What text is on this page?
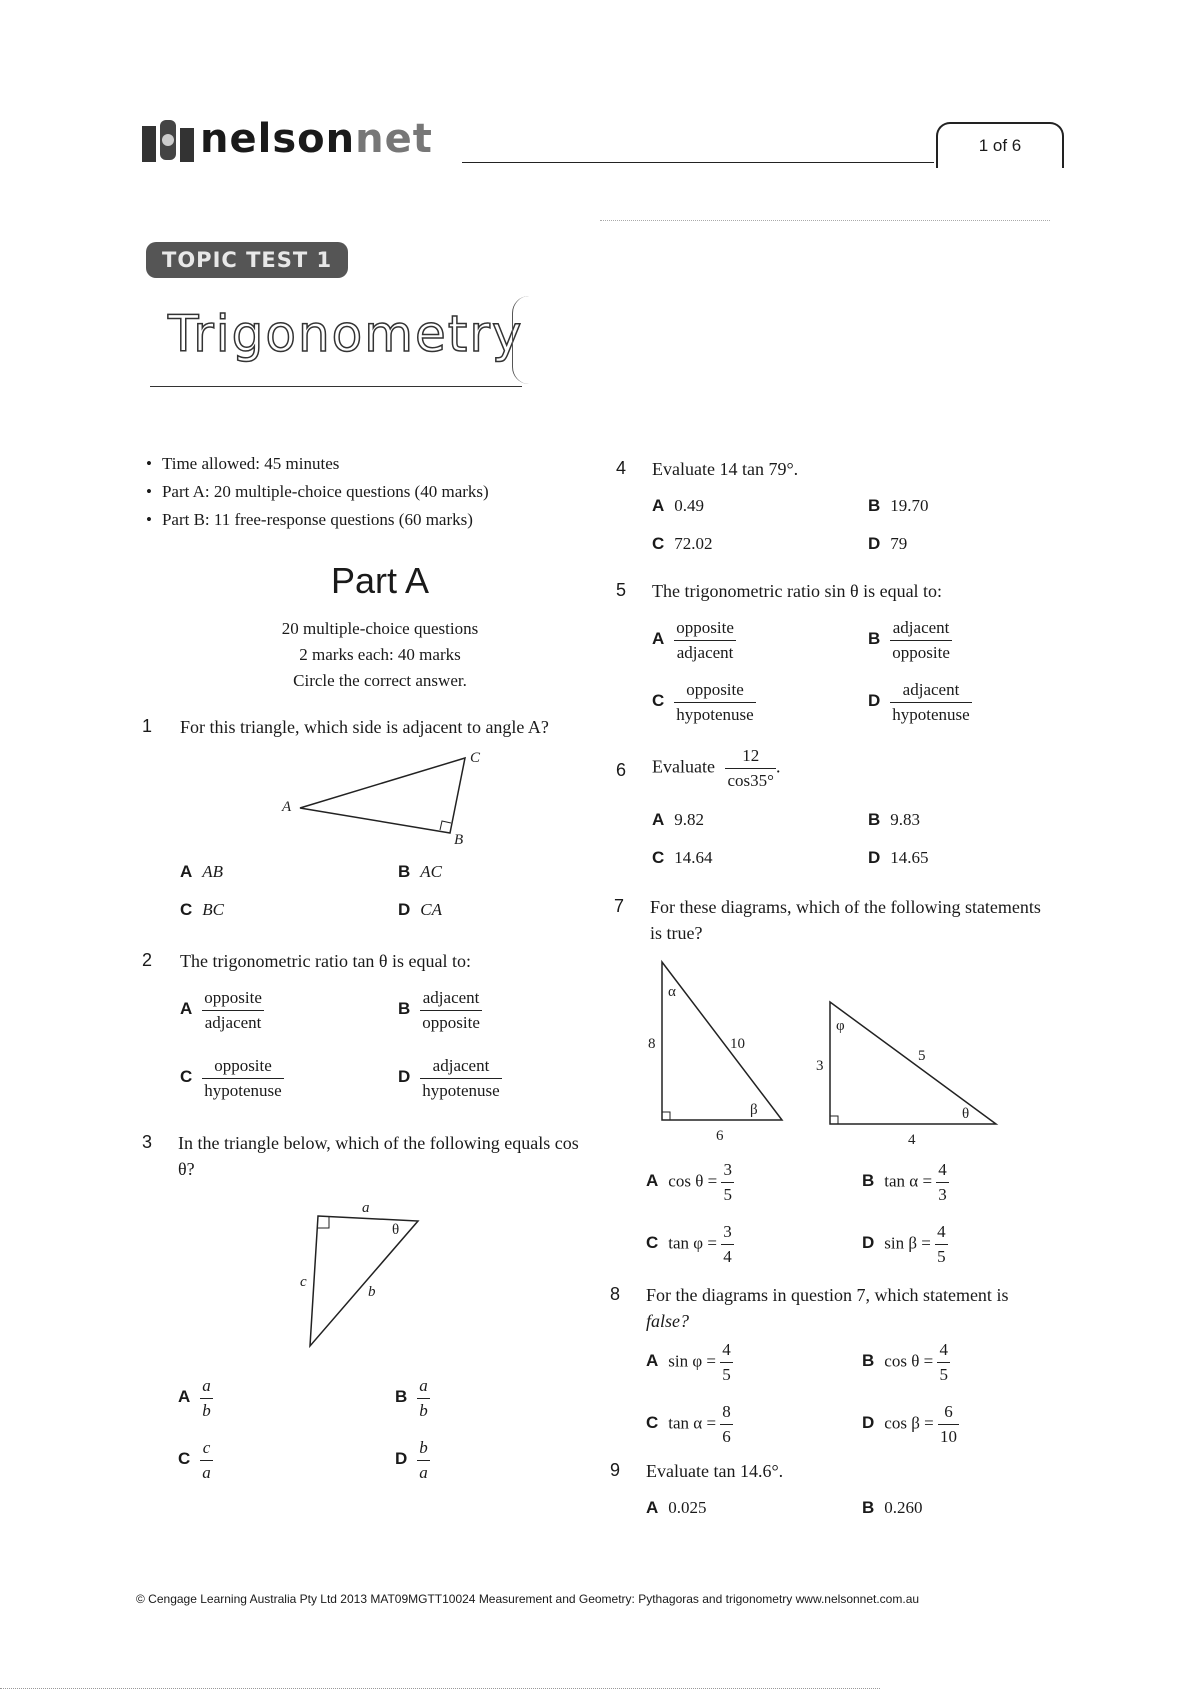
nelsonnet	1 of 6
TOPIC TEST 1
Trigonometry
• Time allowed: 45 minutes
• Part A: 20 multiple-choice questions (40 marks)
• Part B: 11 free-response questions (60 marks)
Part A
20 multiple-choice questions
2 marks each: 40 marks
Circle the correct answer.
1 For this triangle, which side is adjacent to angle A?
A
C
B
A AB	B AC
C BC	D CA
2 The trigonometric ratio tan θ is equal to:
A $\frac{\text{opposite}}{\text{adjacent}}$	B $\frac{\text{adjacent}}{\text{opposite}}$
C $\frac{\text{opposite}}{\text{hypotenuse}}$	D $\frac{\text{adjacent}}{\text{hypotenuse}}$
3 In the triangle below, which of the following equals cos θ?
a
θ
c
b
A $\frac{a}{b}$	B $\frac{a}{b}$
C $\frac{c}{a}$	D $\frac{b}{a}$
4 Evaluate 14 tan 79°.
A 0.49	B 19.70
C 72.02	D 79
5 The trigonometric ratio sin θ is equal to:
A $\frac{\text{opposite}}{\text{adjacent}}$	B $\frac{\text{adjacent}}{\text{opposite}}$
C $\frac{\text{opposite}}{\text{hypotenuse}}$	D $\frac{\text{adjacent}}{\text{hypotenuse}}$
6 Evaluate $\frac{12}{\cos 35^\circ}$ .
A 9.82	B 9.83
C 14.64	D 14.65
7 For these diagrams, which of the following statements is true?
α
8	10
β
6
φ
3
5
θ
4
A $\cos \theta = \frac{3}{5}$	B $\tan \alpha = \frac{4}{3}$
C $\tan \varphi = \frac{3}{4}$	D $\sin \beta = \frac{4}{5}$
8 For the diagrams in question 7, which statement is
false?
A $\sin \varphi = \frac{4}{5}$	B $\cos \theta = \frac{4}{5}$
C $\tan \alpha = \frac{8}{6}$	D $\cos \beta = \frac{6}{10}$
9 Evaluate tan 14.6°.
A 0.025	B 0.260
© Cengage Learning Australia Pty Ltd 2013 MAT09MGTT10024 Measurement and Geometry: Pythagoras and trigonometry www.nelsonnet.com.au
